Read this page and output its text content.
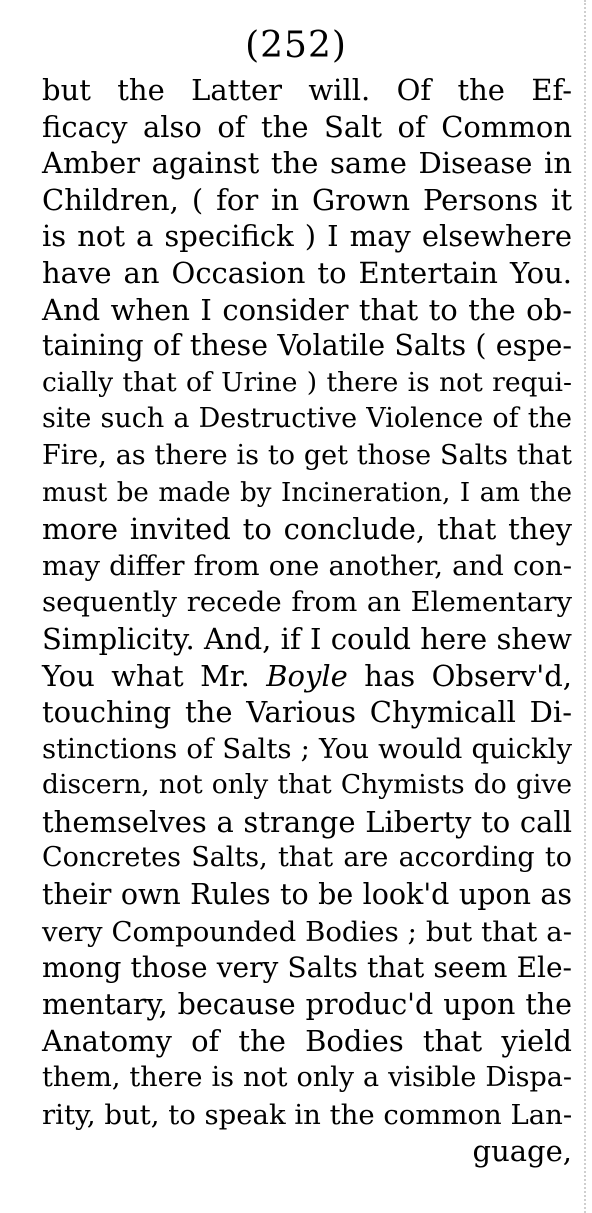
(252)
but the Latter will. Of the Ef-
ficacy also of the Salt of Common
Amber against the same Disease in
Children, ( for in Grown Persons it
is not a specifick ) I may elsewhere
have an Occasion to Entertain You.
And when I consider that to the ob-
taining of these Volatile Salts ( espe-
cially that of Urine ) there is not requi-
site such a Destructive Violence of the
Fire, as there is to get those Salts that
must be made by Incineration, I am the
more invited to conclude, that they
may differ from one another, and con-
sequently recede from an Elementary
Simplicity. And, if I could here shew
You what Mr. Boyle has Observ'd,
touching the Various Chymicall Di-
stinctions of Salts ; You would quickly
discern, not only that Chymists do give
themselves a strange Liberty to call
Concretes Salts, that are according to
their own Rules to be look'd upon as
very Compounded Bodies ; but that a-
mong those very Salts that seem Ele-
mentary, because produc'd upon the
Anatomy of the Bodies that yield
them, there is not only a visible Dispa-
rity, but, to speak in the common Lan-
guage,
